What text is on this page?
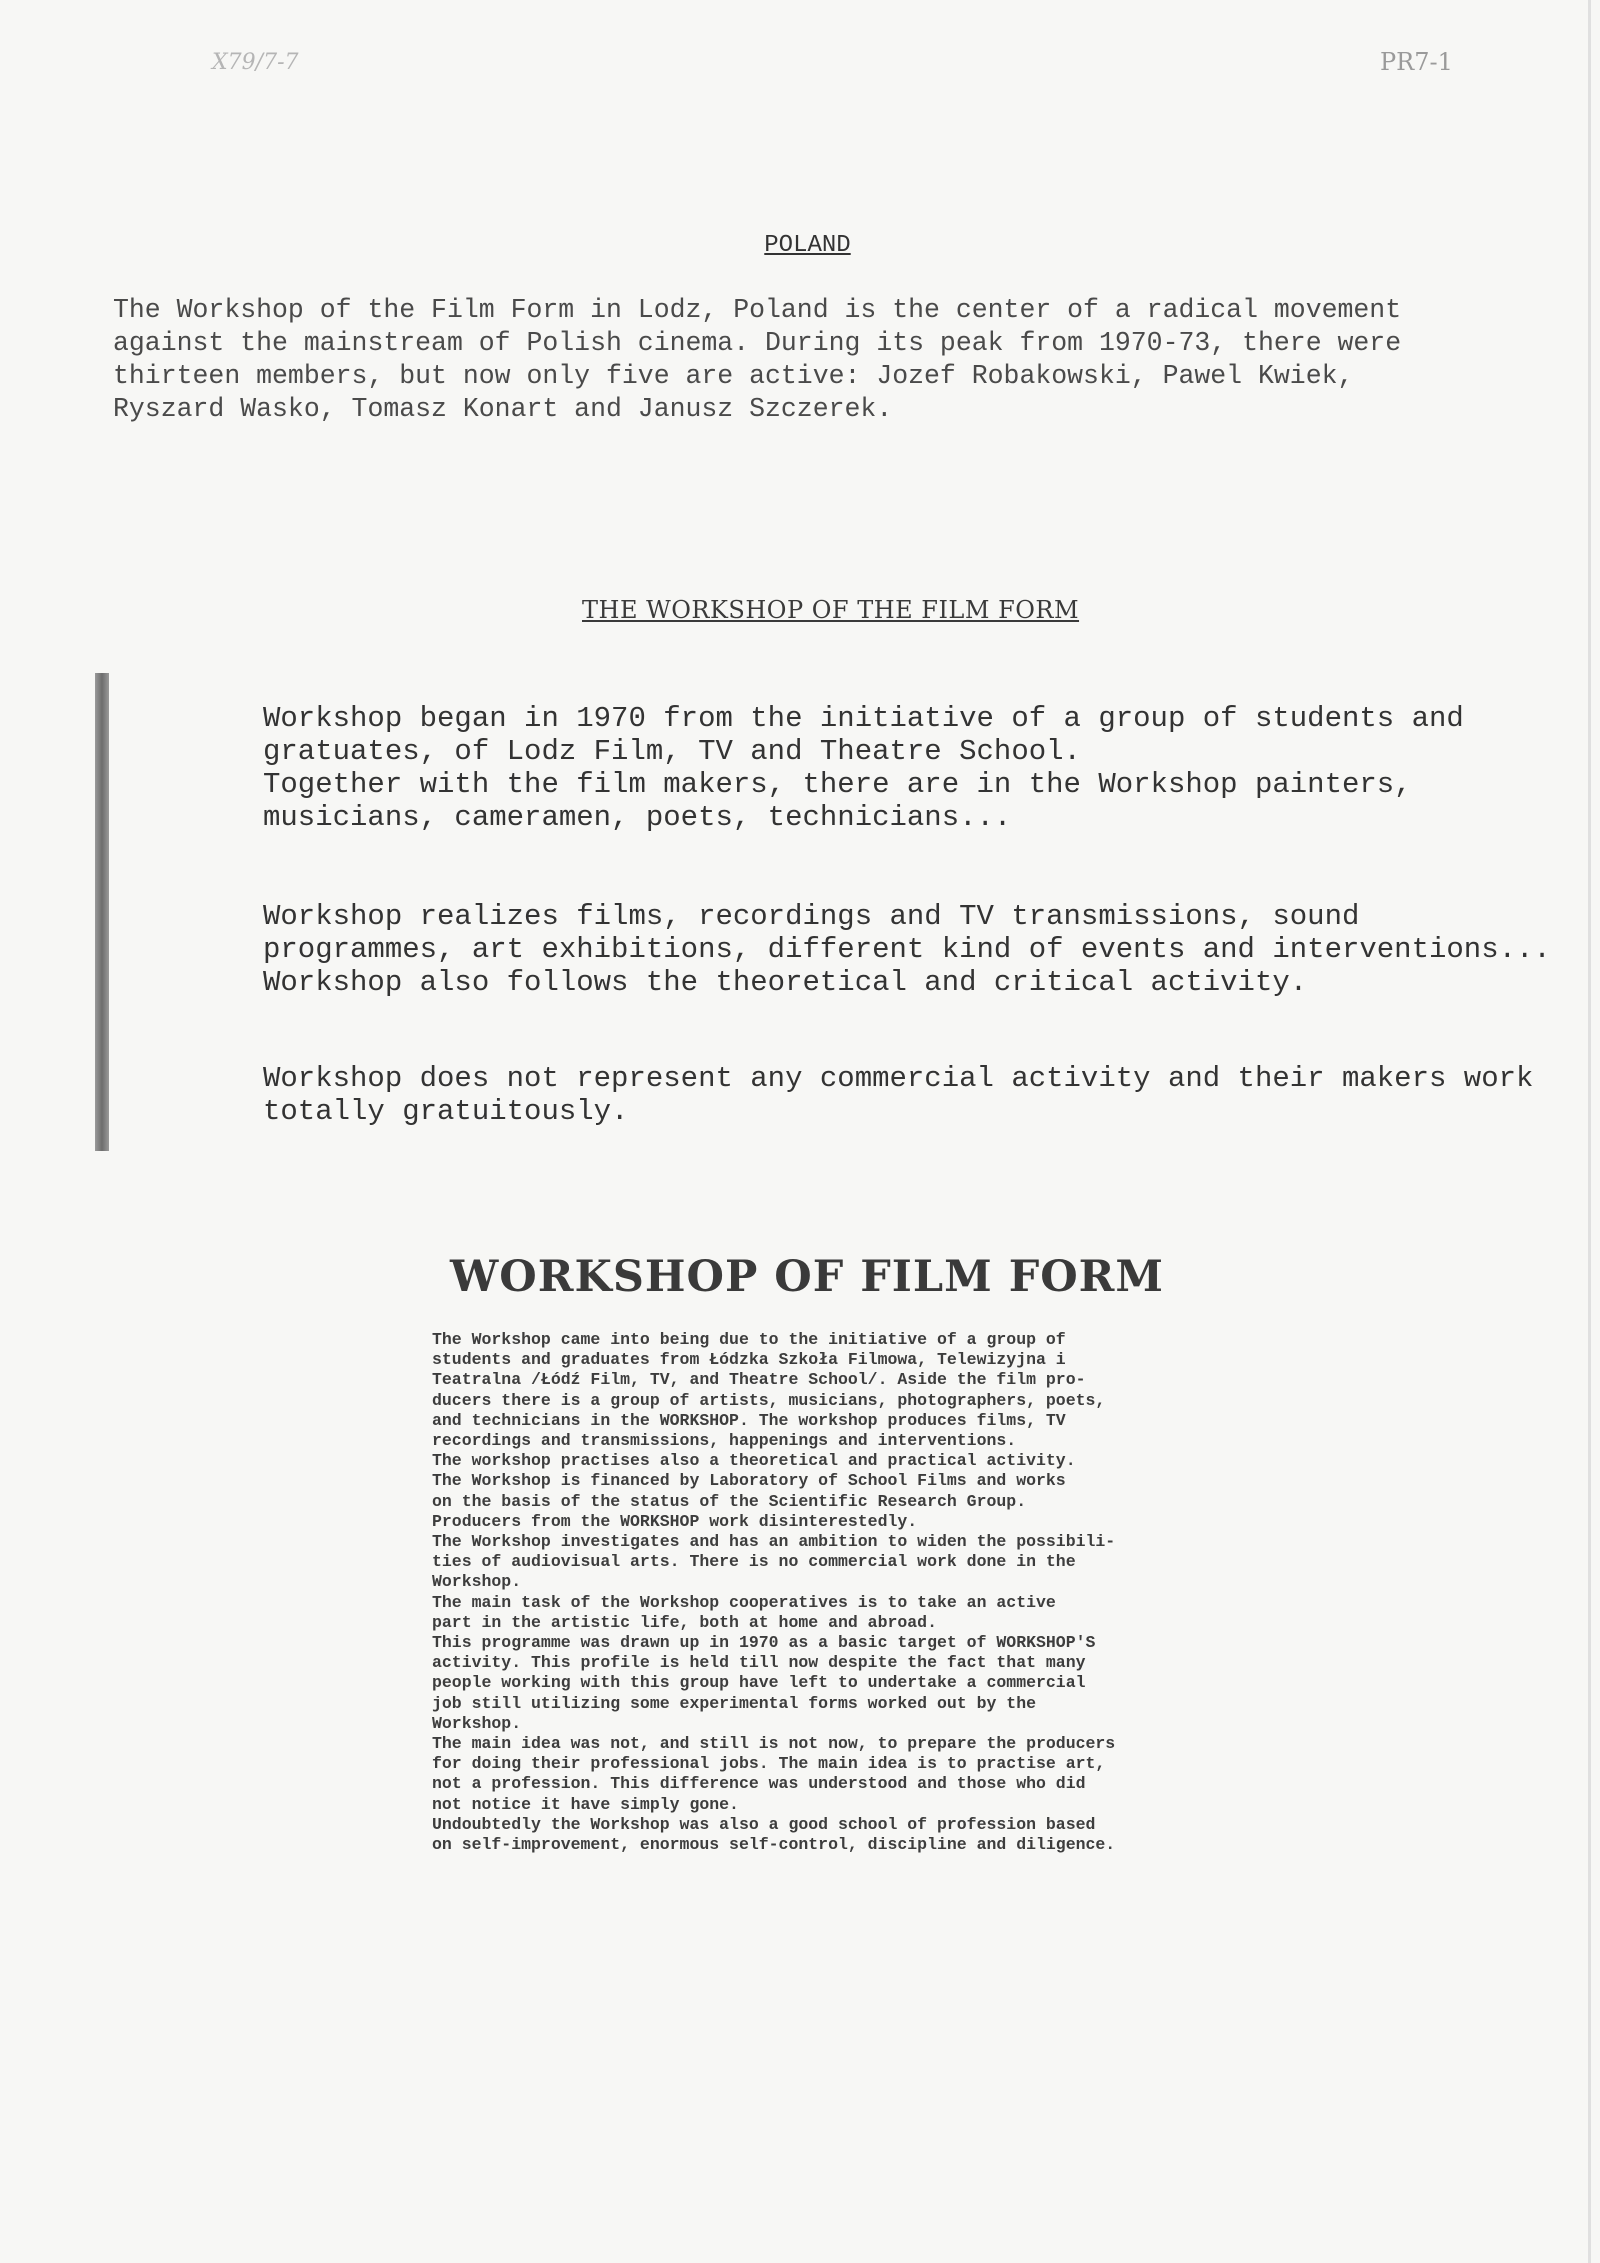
X79/7-7	PR7-1
POLAND

The Workshop of the Film Form in Lodz, Poland is the center of a radical movement

against the mainstream of Polish cinema. During its peak from 1970-73, there were

thirteen members, but now only five are active: Jozef Robakowski, Pawel Kwiek,

Ryszard Wasko, Tomasz Konart and Janusz Szczerek.

THE WORKSHOP OF THE FILM FORM

Workshop began in 1970 from the initiative of a group of students and

gratuates, of Lodz Film, TV and Theatre School.

Together with the film makers, there are in the Workshop painters,

musicians, cameramen, poets, technicians...

Workshop realizes films, recordings and TV transmissions, sound

programmes, art exhibitions, different kind of events and interventions...

Workshop also follows the theoretical and critical activity.

Workshop does not represent any commercial activity and their makers work

totally gratuitously.

WORKSHOP OF FILM FORM

The Workshop came into being due to the initiative of a group of

students and graduates from Łódzka Szkoła Filmowa, Telewizyjna i

Teatralna /Łódź Film, TV, and Theatre School/. Aside the film pro-

ducers there is a group of artists, musicians, photographers, poets,

and technicians in the WORKSHOP. The workshop produces films, TV

recordings and transmissions, happenings and interventions.

The workshop practises also a theoretical and practical activity.

The Workshop is financed by Laboratory of School Films and works

on the basis of the status of the Scientific Research Group.

Producers from the WORKSHOP work disinterestedly.

The Workshop investigates and has an ambition to widen the possibili-

ties of audiovisual arts. There is no commercial work done in the

Workshop.

The main task of the Workshop cooperatives is to take an active

part in the artistic life, both at home and abroad.

This programme was drawn up in 1970 as a basic target of WORKSHOP'S

activity. This profile is held till now despite the fact that many

people working with this group have left to undertake a commercial

job still utilizing some experimental forms worked out by the

Workshop.

The main idea was not, and still is not now, to prepare the producers

for doing their professional jobs. The main idea is to practise art,

not a profession. This difference was understood and those who did

not notice it have simply gone.

Undoubtedly the Workshop was also a good school of profession based

on self-improvement, enormous self-control, discipline and diligence.
